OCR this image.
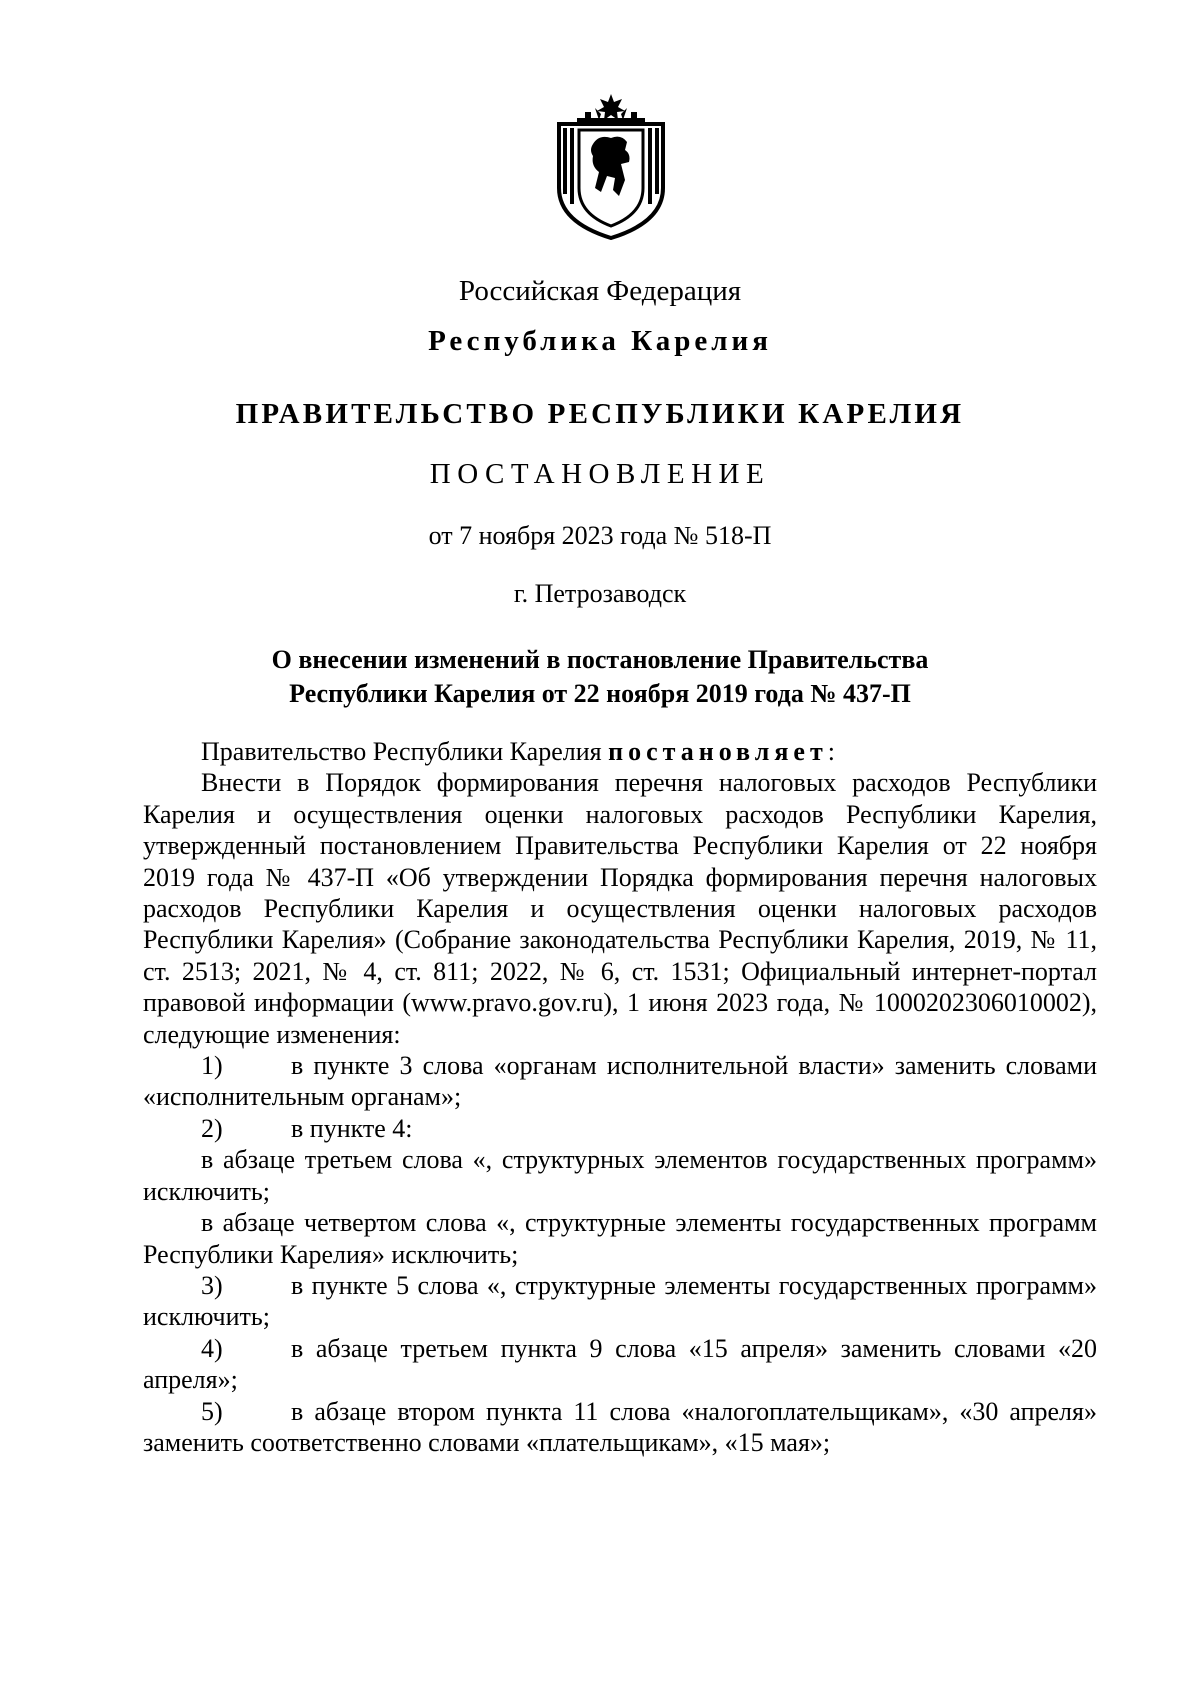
Российская Федерация
Республика Карелия
ПРАВИТЕЛЬСТВО РЕСПУБЛИКИ КАРЕЛИЯ
ПОСТАНОВЛЕНИЕ
от 7 ноября 2023 года № 518-П
г. Петрозаводск
О внесении изменений в постановление Правительства
Республики Карелия от 22 ноября 2019 года № 437-П

Правительство Республики Карелия постановляет:

Внести в Порядок формирования перечня налоговых расходов Республики Карелия и осуществления оценки налоговых расходов Республики Карелия, утвержденный постановлением Правительства Республики Карелия от 22 ноября 2019 года № 437-П «Об утверждении Порядка формирования перечня налоговых расходов Республики Карелия и осуществления оценки налоговых расходов Республики Карелия» (Собрание законодательства Республики Карелия, 2019, № 11, ст. 2513; 2021, № 4, ст. 811; 2022, № 6, ст. 1531; Официальный интернет-портал правовой информации (www.pravo.gov.ru), 1 июня 2023 года, № 1000202306010002), следующие изменения:

1)	в пункте 3 слова «органам исполнительной власти» заменить словами «исполнительным органам»;

2)	в пункте 4:

в абзаце третьем слова «, структурных элементов государственных программ» исключить;

в абзаце четвертом слова «, структурные элементы государственных программ Республики Карелия» исключить;

3)	в пункте 5 слова «, структурные элементы государственных программ» исключить;

4)	в абзаце третьем пункта 9 слова «15 апреля» заменить словами «20 апреля»;

5)	в абзаце втором пункта 11 слова «налогоплательщикам», «30 апреля» заменить соответственно словами «плательщикам», «15 мая»;
